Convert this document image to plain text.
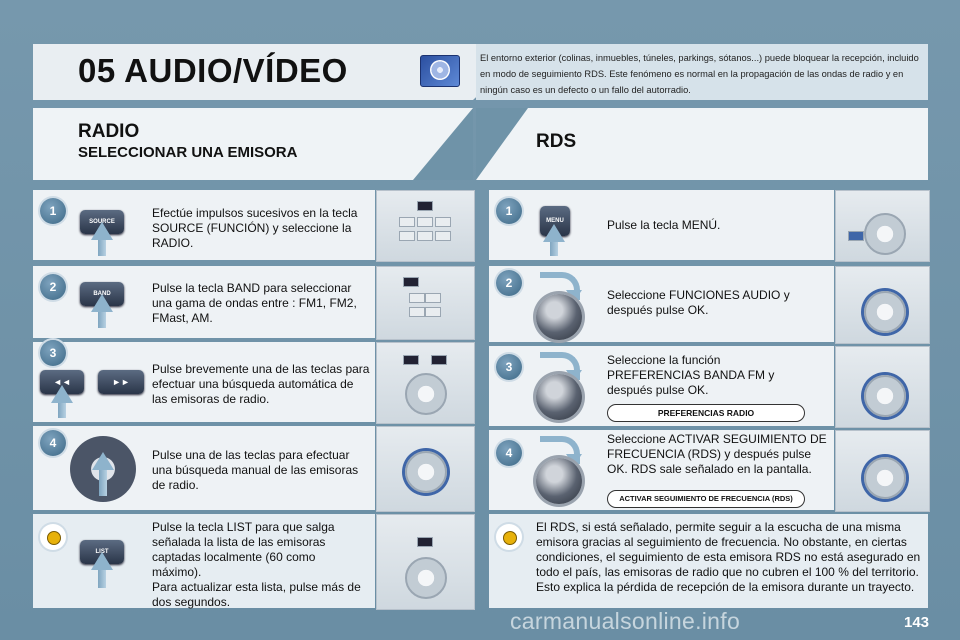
05 AUDIO/VÍDEO	El entorno exterior (colinas, inmuebles, túneles, parkings, sótanos...) puede bloquear la recepción, incluido en modo de seguimiento RDS. Este fenómeno es normal en la propagación de las ondas de radio y en ningún caso es un defecto o un fallo del autorradio.
RADIO
SELECCIONAR UNA EMISORA
RDS
1
SOURCE
Efectúe impulsos sucesivos en la tecla SOURCE (FUNCIÓN) y seleccione la RADIO.
2	BAND	Pulse la tecla BAND para seleccionar una gama de ondas entre : FM1, FM2, FMast, AM.
3
◄◄	►►
Pulse brevemente una de las teclas para efectuar una búsqueda automática de las emisoras de radio.
4
Pulse una de las teclas para efectuar una búsqueda manual de las emisoras de radio.
LIST
Pulse la tecla LIST para que salga señalada la lista de las emisoras captadas localmente (60 como máximo).
Para actualizar esta lista, pulse más de dos segundos.
1
MENU	Pulse la tecla MENÚ.
2
Seleccione FUNCIONES AUDIO y después pulse OK.
3	Seleccione la función PREFERENCIAS BANDA FM y después pulse OK.
PREFERENCIAS RADIO
4
Seleccione ACTIVAR SEGUIMIENTO DE FRECUENCIA (RDS) y después pulse OK. RDS sale señalado en la pantalla.
ACTIVAR SEGUIMIENTO DE FRECUENCIA (RDS)
El RDS, si está señalado, permite seguir a la escucha de una misma emisora gracias al seguimiento de frecuencia. No obstante, en ciertas condiciones, el seguimiento de esta emisora RDS no está asegurado en todo el país, las emisoras de radio que no cubren el 100 % del territorio. Esto explica la pérdida de recepción de la emisora durante un trayecto.
carmanualsonline.info	143
